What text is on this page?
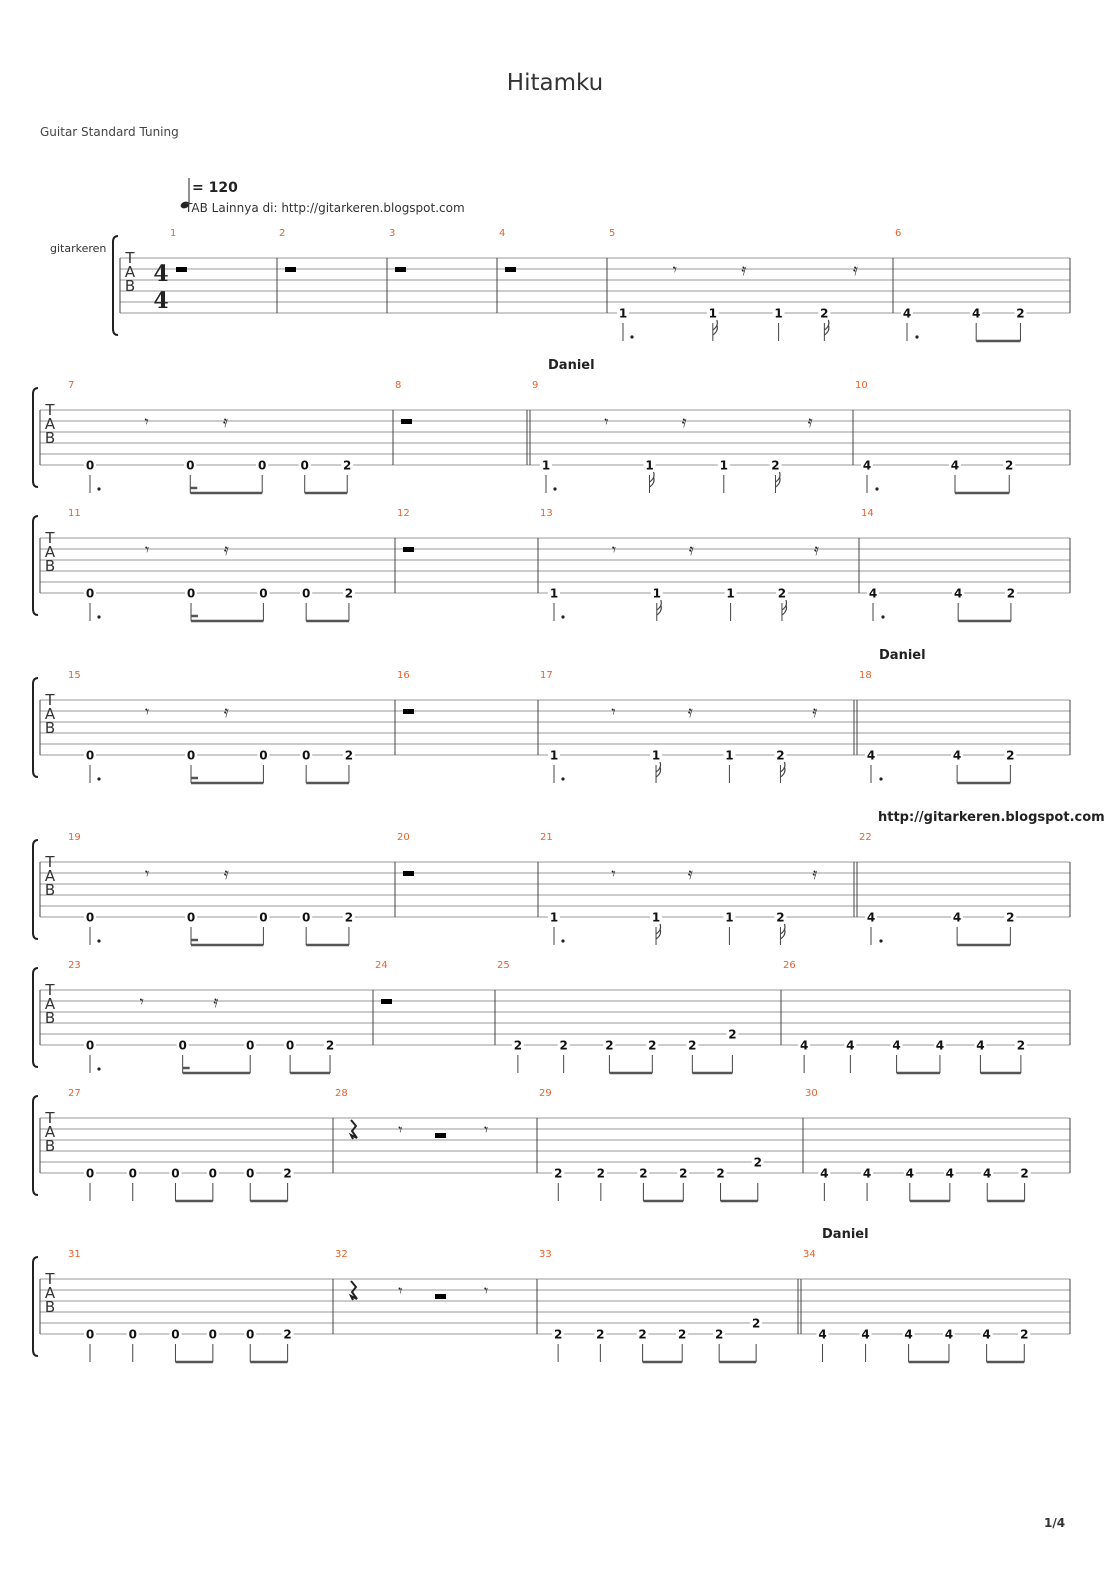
Hitamku
Guitar Standard Tuning
= 120
TAB Lainnya di: http://gitarkeren.blogspot.com
gitarkeren
Daniel
Daniel
http://gitarkeren.blogspot.com
Daniel
T
A
B 4
4
1	2	3	4	5
1	1	1	2
𝄾	𝄿	𝄿
6
4	4	2
T
A
B
7
0	0	0	0	2
𝄾	𝄿
8	9
1	1	1	2
𝄾	𝄿	𝄿
10
4	4	2
T
A
B
11
0	0	0	0	2
𝄾	𝄿
12	13
1	1	1	2
𝄾	𝄿	𝄿
14
4	4	2
T
A
B
15
0	0	0	0	2
𝄾	𝄿
16	17
1	1	1	2
𝄾	𝄿	𝄿
18
4	4	2
T
A
B
19
0	0	0	0	2
𝄾	𝄿
20	21
1	1	1	2
𝄾	𝄿	𝄿
22
4	4	2
T
A
B
23
0	0	0	0	2
𝄾	𝄿
24	25
2	2	2	2	2
2
26
4	4	4	4	4	2
T
A
B
27
0	0	0 0 0 2
28
𝄾	𝄾
29
2	2	2	2 2
2
30
4	4	4	4 4 2
T
A
B
31
0	0	0 0 0 2
32
𝄾	𝄾
33
2	2	2	2 2
2
34
4	4	4	4 4 2
1/4
